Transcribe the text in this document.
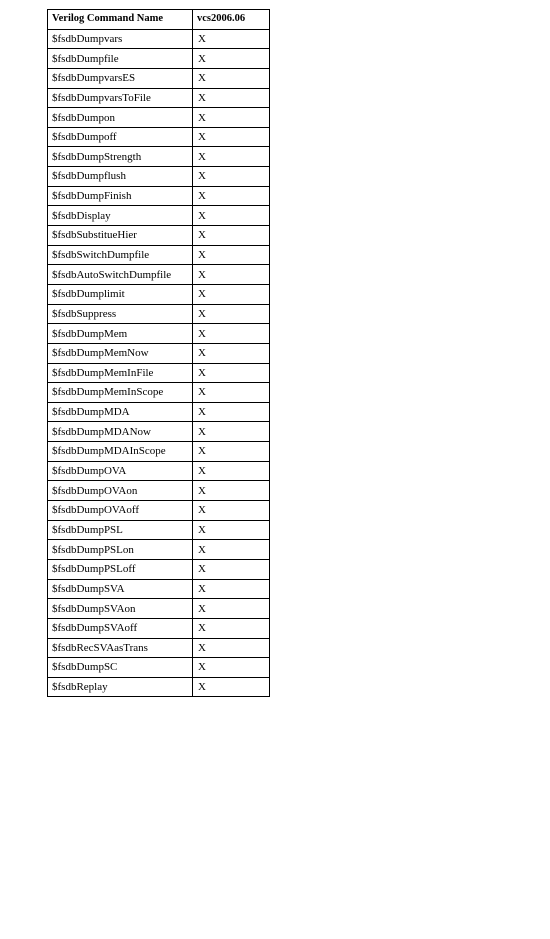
Verilog Command Name	vcs2006.06
$fsdbDumpvars	X
$fsdbDumpfile	X
$fsdbDumpvarsES	X
$fsdbDumpvarsToFile	X
$fsdbDumpon	X
$fsdbDumpoff	X
$fsdbDumpStrength	X
$fsdbDumpflush	X
$fsdbDumpFinish	X
$fsdbDisplay	X
$fsdbSubstitueHier	X
$fsdbSwitchDumpfile	X
$fsdbAutoSwitchDumpfile	X
$fsdbDumplimit	X
$fsdbSuppress	X
$fsdbDumpMem	X
$fsdbDumpMemNow	X
$fsdbDumpMemInFile	X
$fsdbDumpMemInScope	X
$fsdbDumpMDA	X
$fsdbDumpMDANow	X
$fsdbDumpMDAInScope	X
$fsdbDumpOVA	X
$fsdbDumpOVAon	X
$fsdbDumpOVAoff	X
$fsdbDumpPSL	X
$fsdbDumpPSLon	X
$fsdbDumpPSLoff	X
$fsdbDumpSVA	X
$fsdbDumpSVAon	X
$fsdbDumpSVAoff	X
$fsdbRecSVAasTrans	X
$fsdbDumpSC	X
$fsdbReplay	X
